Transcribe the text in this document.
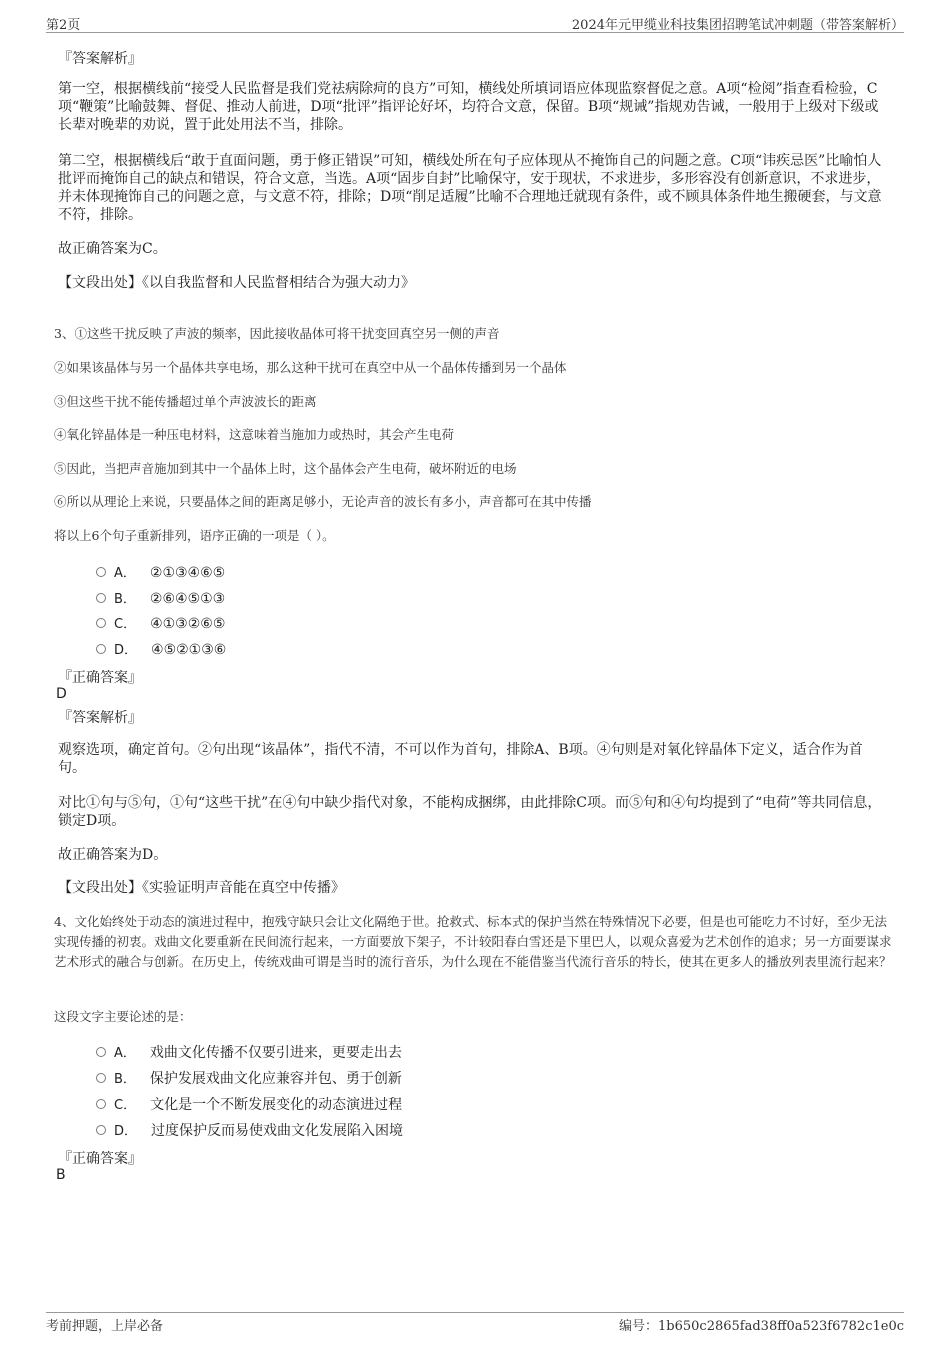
第2页	2024年元甲缆业科技集团招聘笔试冲刺题（带答案解析）
『答案解析』
第一空，根据横线前“接受人民监督是我们党祛病除疴的良方”可知，横线处所填词语应体现监察督促之意。A项“检阅”指查看检验，C项“鞭策”比喻鼓舞、督促、推动人前进，D项“批评”指评论好坏，均符合文意，保留。B项“规诫”指规劝告诫，一般用于上级对下级或长辈对晚辈的劝说，置于此处用法不当，排除。
第二空，根据横线后“敢于直面问题，勇于修正错误”可知，横线处所在句子应体现从不掩饰自己的问题之意。C项“讳疾忌医”比喻怕人批评而掩饰自己的缺点和错误，符合文意，当选。A项“固步自封”比喻保守，安于现状，不求进步，多形容没有创新意识，不求进步，并未体现掩饰自己的问题之意，与文意不符，排除；D项“削足适履”比喻不合理地迁就现有条件，或不顾具体条件地生搬硬套，与文意不符，排除。
故正确答案为C。
【文段出处】《以自我监督和人民监督相结合为强大动力》
3、①这些干扰反映了声波的频率，因此接收晶体可将干扰变回真空另一侧的声音
②如果该晶体与另一个晶体共享电场，那么这种干扰可在真空中从一个晶体传播到另一个晶体
③但这些干扰不能传播超过单个声波波长的距离
④氧化锌晶体是一种压电材料，这意味着当施加力或热时，其会产生电荷
⑤因此，当把声音施加到其中一个晶体上时，这个晶体会产生电荷，破坏附近的电场
⑥所以从理论上来说，只要晶体之间的距离足够小，无论声音的波长有多小，声音都可在其中传播
将以上6个句子重新排列，语序正确的一项是（ ）。
A． ②①③④⑥⑤
B． ②⑥④⑤①③
C． ④①③②⑥⑤
D． ④⑤②①③⑥
『正确答案』
D
『答案解析』
观察选项，确定首句。②句出现“该晶体”，指代不清，不可以作为首句，排除A、B项。④句则是对氧化锌晶体下定义，适合作为首句。
对比①句与⑤句，①句“这些干扰”在④句中缺少指代对象，不能构成捆绑，由此排除C项。而⑤句和④句均提到了“电荷”等共同信息，锁定D项。
故正确答案为D。
【文段出处】《实验证明声音能在真空中传播》
4、文化始终处于动态的演进过程中，抱残守缺只会让文化隔绝于世。抢救式、标本式的保护当然在特殊情况下必要，但是也可能吃力不讨好，至少无法实现传播的初衷。戏曲文化要重新在民间流行起来，一方面要放下架子，不计较阳春白雪还是下里巴人，以观众喜爱为艺术创作的追求；另一方面要谋求艺术形式的融合与创新。在历史上，传统戏曲可谓是当时的流行音乐，为什么现在不能借鉴当代流行音乐的特长，使其在更多人的播放列表里流行起来？
这段文字主要论述的是：
A． 戏曲文化传播不仅要引进来，更要走出去
B． 保护发展戏曲文化应兼容并包、勇于创新
C． 文化是一个不断发展变化的动态演进过程
D． 过度保护反而易使戏曲文化发展陷入困境
『正确答案』
B
考前押题，上岸必备	编号：1b650c2865fad38ff0a523f6782c1e0c
